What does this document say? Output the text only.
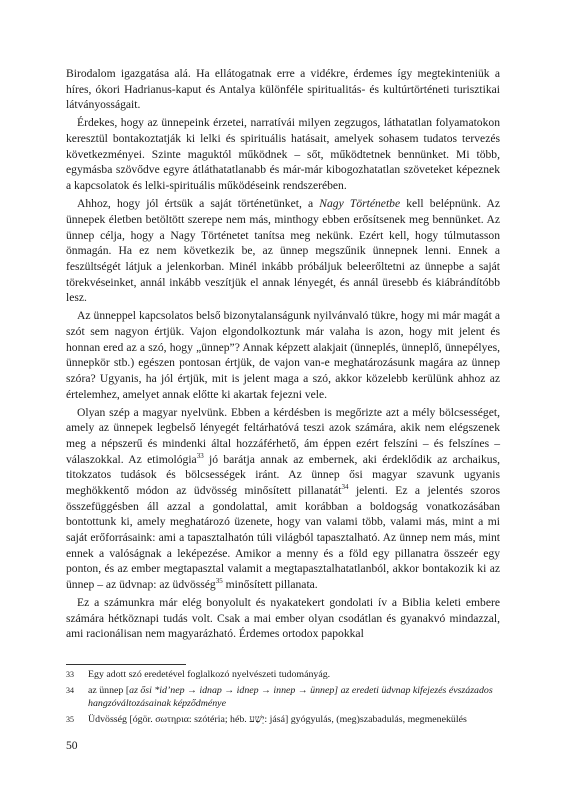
Birodalom igazgatása alá. Ha ellátogatnak erre a vidékre, érdemes így megtekinteniük a híres, ókori Hadrianus-kaput és Antalya különféle spiritualitás- és kultúrtörténeti turisztikai látványosságait.

Érdekes, hogy az ünnepeink érzetei, narratívái milyen zegzugos, láthatatlan folyamatokon keresztül bontakoztatják ki lelki és spirituális hatásait, amelyek sohasem tudatos tervezés következményei. Szinte maguktól működnek – sőt, működtetnek bennünket. Mi több, egymásba szövődve egyre átláthatatlanabb és már-már kibogozhatatlan szöveteket képeznek a kapcsolatok és lelki-spirituális működéseink rendszerében.

Ahhoz, hogy jól értsük a saját történetünket, a Nagy Történetbe kell belépnünk. Az ünnepek életben betöltött szerepe nem más, minthogy ebben erősítsenek meg bennünket. Az ünnep célja, hogy a Nagy Történetet tanítsa meg nekünk. Ezért kell, hogy túlmutasson önmagán. Ha ez nem következik be, az ünnep megszűnik ünnepnek lenni. Ennek a feszültségét látjuk a jelenkorban. Minél inkább próbáljuk beleerőltetni az ünnepbe a saját törekvéseinket, annál inkább veszítjük el annak lényegét, és annál üresebb és kiábrándítóbb lesz.

Az ünneppel kapcsolatos belső bizonytalanságunk nyilvánvaló tükre, hogy mi már magát a szót sem nagyon értjük. Vajon elgondolkoztunk már valaha is azon, hogy mit jelent és honnan ered az a szó, hogy „ünnep”? Annak képzett alakjait (ünneplés, ünneplő, ünnepélyes, ünnepkör stb.) egészen pontosan értjük, de vajon van-e meghatározásunk magára az ünnep szóra? Ugyanis, ha jól értjük, mit is jelent maga a szó, akkor közelebb kerülünk ahhoz az értelemhez, amelyet annak előtte ki akartak fejezni vele.

Olyan szép a magyar nyelvünk. Ebben a kérdésben is megőrizte azt a mély bölcsességet, amely az ünnepek legbelső lényegét feltárhatóvá teszi azok számára, akik nem elégszenek meg a népszerű és mindenki által hozzáférhető, ám éppen ezért felszíni – és felszínes – válaszokkal. Az etimológia$^{33}$ jó barátja annak az embernek, aki érdeklődik az archaikus, titokzatos tudások és bölcsességek iránt. Az ünnep ősi magyar szavunk ugyanis meghökkentő módon az üdvösség minősített pillanatát$^{34}$ jelenti. Ez a jelentés szoros összefüggésben áll azzal a gondolattal, amit korábban a boldogság vonatkozásában bontottunk ki, amely meghatározó üzenete, hogy van valami több, valami más, mint a mi saját erőforrásaink: ami a tapasztalhatón túli világból tapasztalható. Az ünnep nem más, mint ennek a valóságnak a leképezése. Amikor a menny és a föld egy pillanatra összeér egy ponton, és az ember megtapasztal valamit a megtapasztalhatatlanból, akkor bontakozik ki az ünnep – az üdvnap: az üdvösség$^{35}$ minősített pillanata.

Ez a számunkra már elég bonyolult és nyakatekert gondolati ív a Biblia keleti embere számára hétköznapi tudás volt. Csak a mai ember olyan csodátlan és gyanakvó mindazzal, ami racionálisan nem magyarázható. Érdemes ortodox papokkal

33	Egy adott szó eredetével foglalkozó nyelvészeti tudományág.
34	az ünnep [az ősi *id’nep → idnap → idnep → innep → ünnep] az eredeti üdvnap kifejezés évszázados hangzóváltozásainak képződménye
35	Üdvösség [ógör. σωτηρια: szótéria; héb. יֵשַׁע: jásá] gyógyulás, (meg)szabadulás, megmenekülés
50
